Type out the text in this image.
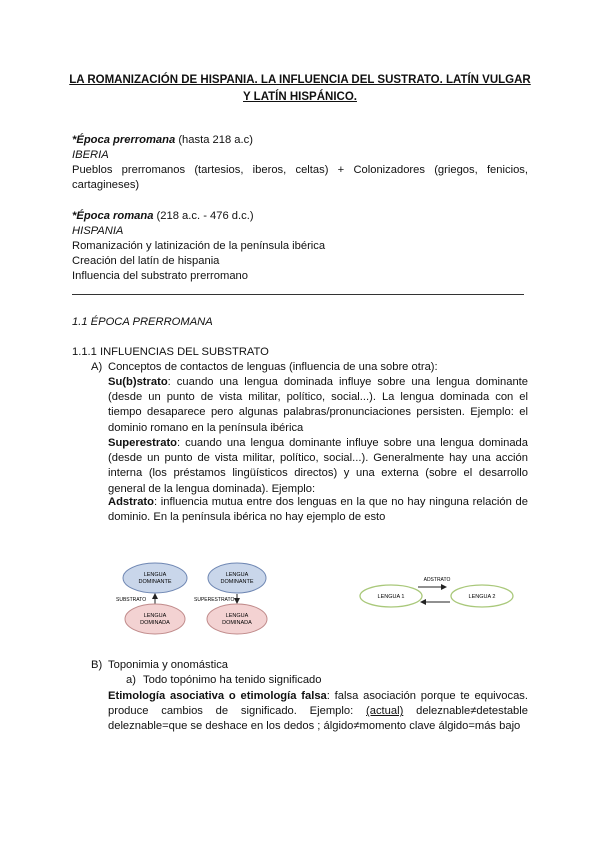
LA ROMANIZACIÓN DE HISPANIA. LA INFLUENCIA DEL SUSTRATO. LATÍN VULGAR
Y LATÍN HISPÁNICO.
*Época prerromana (hasta 218 a.c)
IBERIA
Pueblos prerromanos (tartesios, iberos, celtas) + Colonizadores (griegos, fenicios,
cartagineses)
*Época romana (218 a.c. - 476 d.c.)
HISPANIA
Romanización y latinización de la península ibérica
Creación del latín de hispania
Influencia del substrato prerromano
1.1 ÉPOCA PRERROMANA
1.1.1 INFLUENCIAS DEL SUBSTRATO
A) Conceptos de contactos de lenguas (influencia de una sobre otra):
Su(b)strato: cuando una lengua dominada influye sobre una lengua dominante (desde un punto de vista militar, político, social...). La lengua dominada con el tiempo desaparece pero algunas palabras/pronunciaciones persisten. Ejemplo: el dominio romano en la península ibérica
Superestrato: cuando una lengua dominante influye sobre una lengua dominada (desde un punto de vista militar, político, social...). Generalmente hay una acción interna (los préstamos lingüísticos directos) y una externa (sobre el desarrollo general de la lengua dominada). Ejemplo:
Adstrato: influencia mutua entre dos lenguas en la que no hay ninguna relación de dominio. En la península ibérica no hay ejemplo de esto
LENGUA
DOMINANTE
SUBSTRATO
LENGUA
DOMINADA
LENGUA
DOMINANTE
SUPERESTRATO
LENGUA
DOMINADA
ADSTRATO
LENGUA 1	LENGUA 2
B) Toponimia y onomástica
a) Todo topónimo ha tenido significado
Etimología asociativa o etimología falsa: falsa asociación porque te equivocas. produce cambios de significado. Ejemplo: (actual) deleznable≠detestable deleznable=que se deshace en los dedos ; álgido≠momento clave álgido=más bajo
